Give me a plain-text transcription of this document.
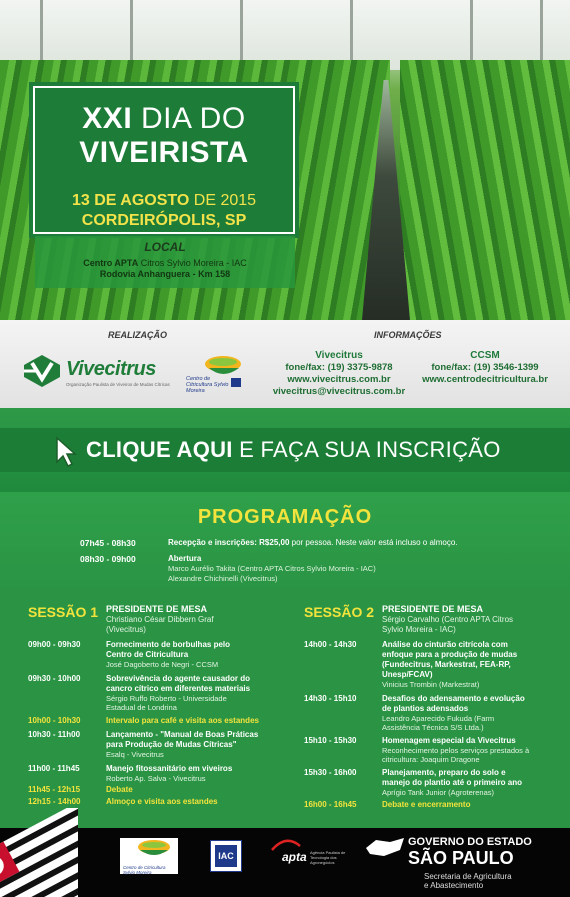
XXI DIA DO
VIVEIRISTA
13 DE AGOSTO DE 2015
CORDEIRÓPOLIS, SP
LOCAL
Centro APTA Citros Sylvio Moreira - IAC
Rodovia Anhanguera - Km 158
REALIZAÇÃO	INFORMAÇÕES
Vivecitrus
Organização Paulista de Viveiros de Mudas Cítricas
Centro de Citricultura Sylvio Moreira
Vivecitrus
fone/fax: (19) 3375-9878
www.vivecitrus.com.br
vivecitrus@vivecitrus.com.br
CCSM
fone/fax: (19) 3546-1399
www.centrodecitricultura.br
CLIQUE AQUI E FAÇA SUA INSCRIÇÃO
PROGRAMAÇÃO
07h45 - 08h30	Recepção e inscrições: R$25,00 por pessoa. Neste valor está incluso o almoço.
08h30 - 09h00	Abertura
Marco Aurélio Takita (Centro APTA Citros Sylvio Moreira - IAC)
Alexandre Chichinelli (Vivecitrus)
SESSÃO 1 PRESIDENTE DE MESA
Christiano César Dibbern Graf
(Vivecitrus)
09h00 - 09h30	Fornecimento de borbulhas pelo
Centro de Citricultura
José Dagoberto de Negri - CCSM
09h30 - 10h00	Sobrevivência do agente causador do
cancro cítrico em diferentes materiais
Sérgio Ruffo Roberto - Universidade
Estadual de Londrina
10h00 - 10h30	Intervalo para café e visita aos estandes
10h30 - 11h00	Lançamento - "Manual de Boas Práticas
para Produção de Mudas Cítricas"
Esalq - Vivecitrus
11h00 - 11h45	Manejo fitossanitário em viveiros
Roberto Ap. Salva - Vivecitrus
11h45 - 12h15	Debate
12h15 - 14h00	Almoço e visita aos estandes
SESSÃO 2 PRESIDENTE DE MESA
Sérgio Carvalho (Centro APTA Citros
Sylvio Moreira - IAC)
14h00 - 14h30	Análise do cinturão citrícola com
enfoque para a produção de mudas
(Fundecitrus, Markestrat, FEA-RP,
Unesp/FCAV)
Vinicius Trombin (Markestrat)
14h30 - 15h10	Desafios do adensamento e evolução
de plantios adensados
Leandro Aparecido Fukuda (Farm
Assistência Técnica S/S Ltda.)
15h10 - 15h30	Homenagem especial da Vivecitrus
Reconhecimento pelos serviços prestados à
citricultura: Joaquim Dragone
15h30 - 16h00	Planejamento, preparo do solo e
manejo do plantio até o primeiro ano
Aprígio Tank Junior (Agroterenas)
16h00 - 16h45	Debate e encerramento
Centro de Citricultura Sylvio Moreira
IAC	apta Agência Paulista de Tecnologia dos Agronegócios
GOVERNO DO ESTADO
SÃO PAULO
Secretaria de Agricultura
e Abastecimento
